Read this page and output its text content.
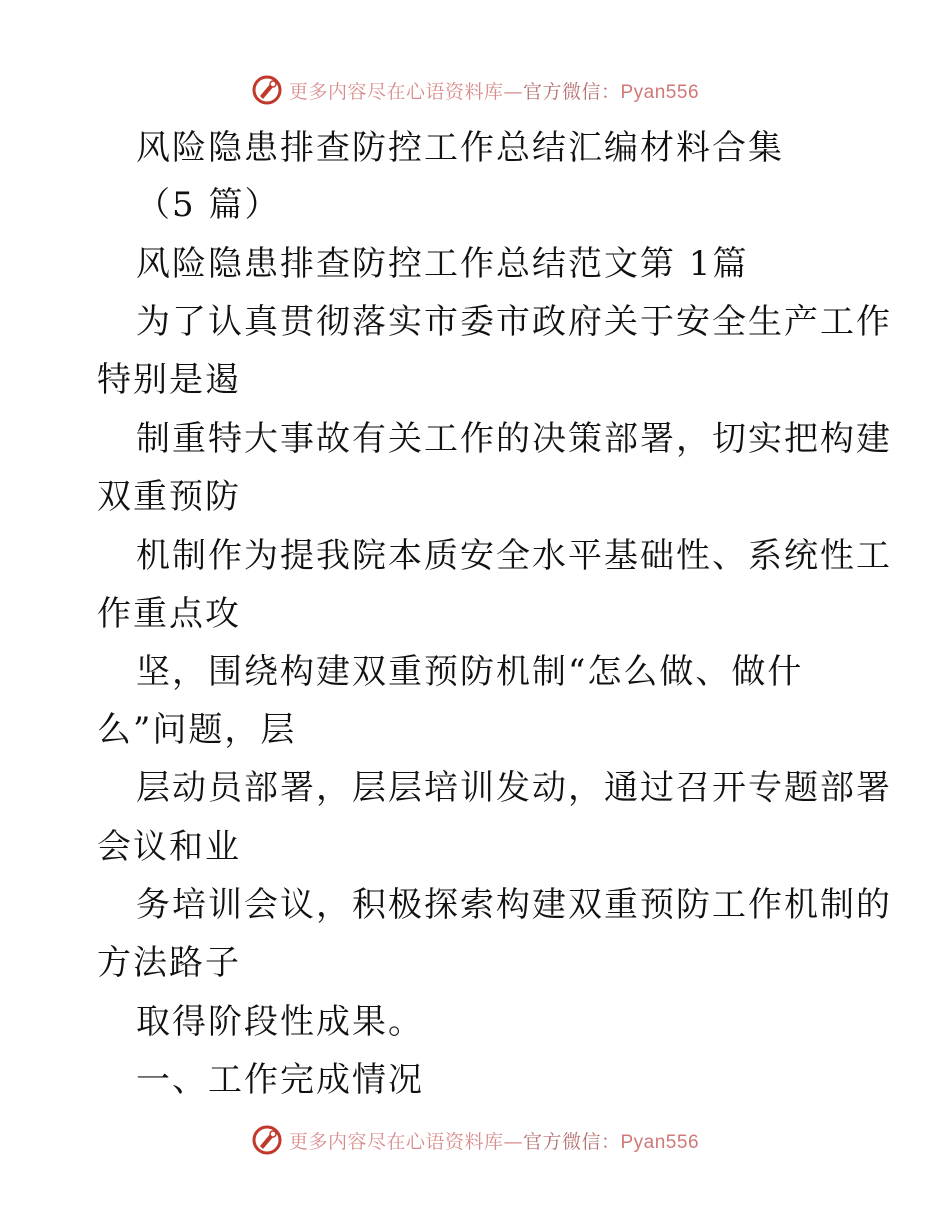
更多内容尽在心语资料库—官方微信：Pyan556
风险隐患排查防控工作总结汇编材料合集
（5 篇）
风险隐患排查防控工作总结范文第 1篇
为了认真贯彻落实市委市政府关于安全生产工作
特别是遏
制重特大事故有关工作的决策部署，切实把构建
双重预防
机制作为提我院本质安全水平基础性、系统性工
作重点攻
坚，围绕构建双重预防机制“怎么做、做什
么”问题，层
层动员部署，层层培训发动，通过召开专题部署
会议和业
务培训会议，积极探索构建双重预防工作机制的
方法路子
取得阶段性成果。
一、工作完成情况
更多内容尽在心语资料库—官方微信：Pyan556
